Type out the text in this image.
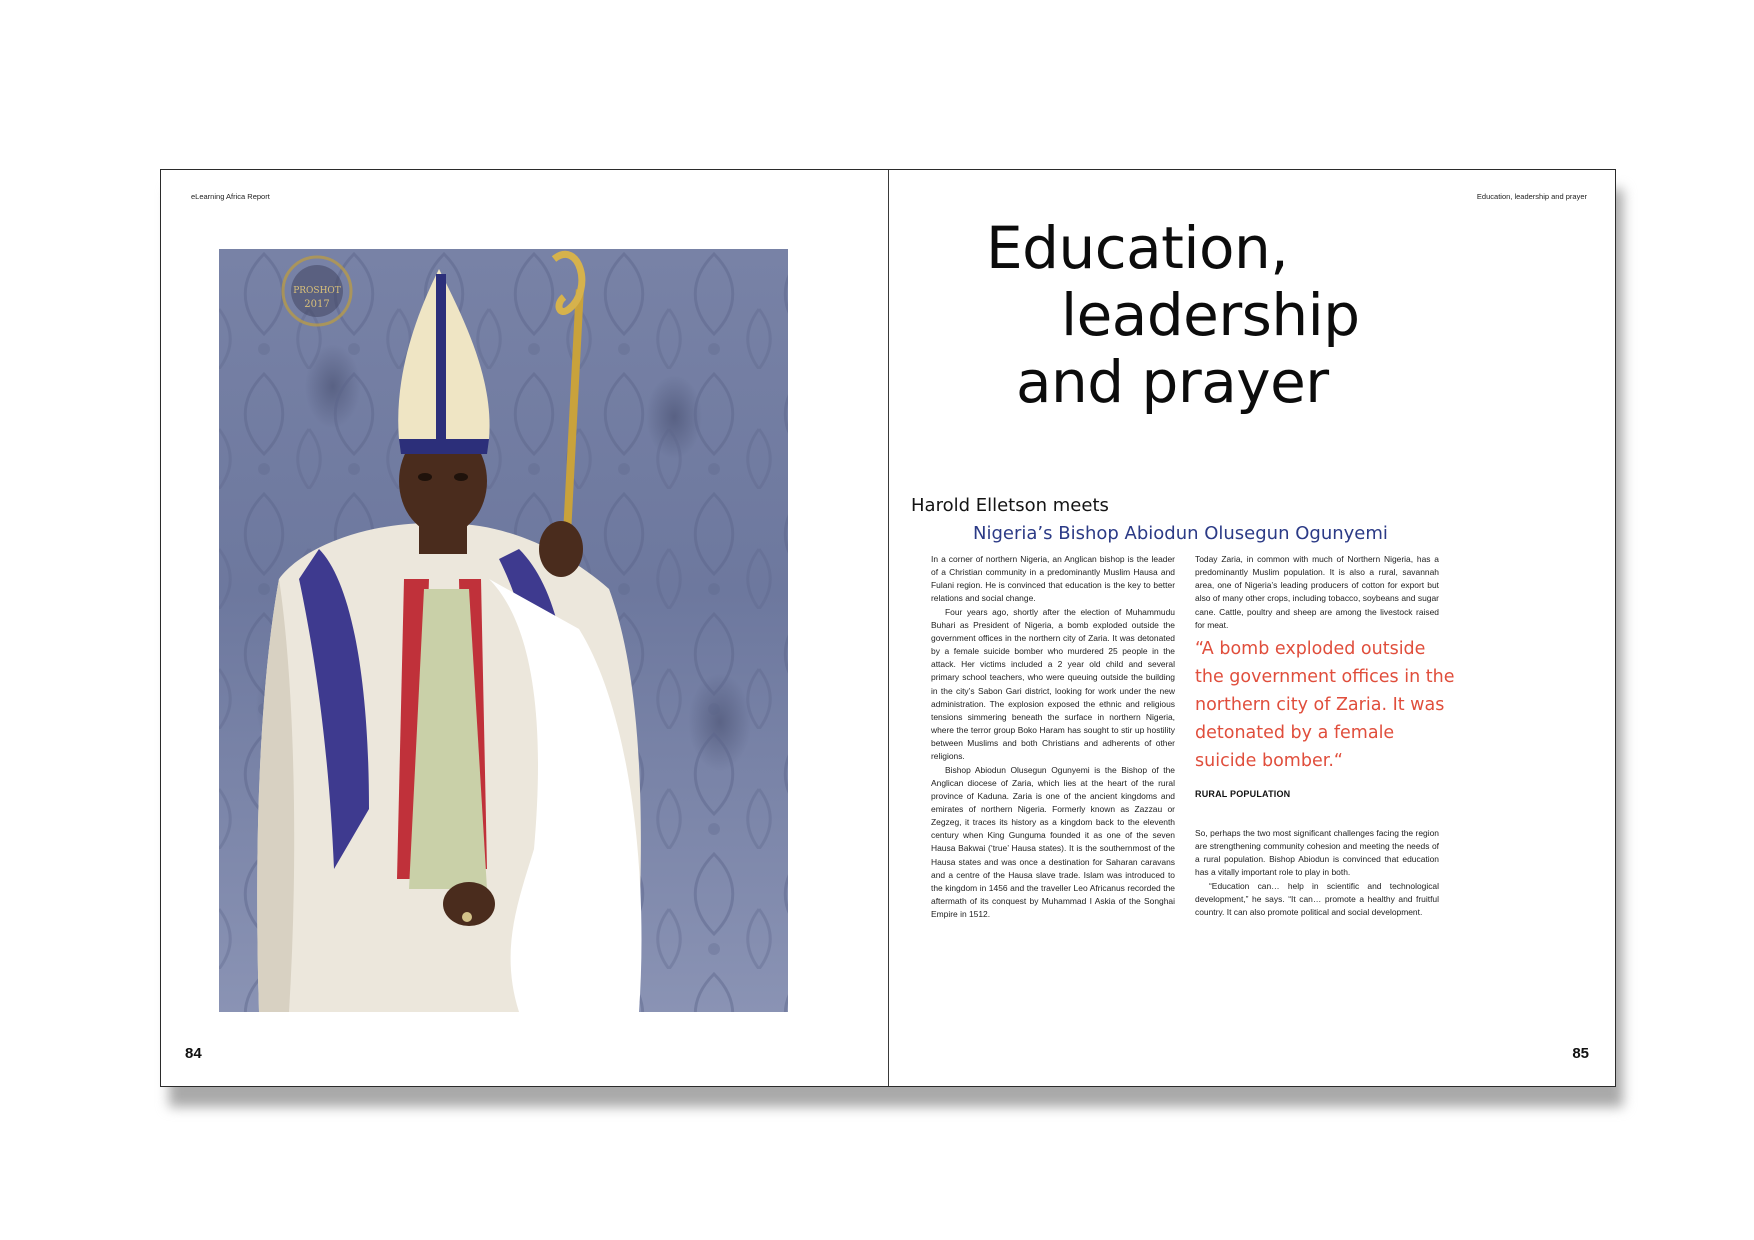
eLearning Africa Report
PROSHOT
2017
84
Education, leadership and prayer
Education,
leadership
and prayer
Harold Elletson meets
Nigeria’s Bishop Abiodun Olusegun Ogunyemi

In a corner of northern Nigeria, an Anglican bishop is the leader of a Christian community in a predominantly Muslim Hausa and Fulani region. He is convinced that education is the key to better relations and social change.

Four years ago, shortly after the election of Muhammudu Buhari as President of Nigeria, a bomb exploded outside the government offices in the northern city of Zaria. It was detonated by a female suicide bomber who murdered 25 people in the attack. Her victims included a 2 year old child and several primary school teachers, who were queuing outside the building in the city’s Sabon Gari district, looking for work under the new administration. The explosion exposed the ethnic and religious tensions simmering beneath the surface in northern Nigeria, where the terror group Boko Haram has sought to stir up hostility between Muslims and both Christians and adherents of other religions.

Bishop Abiodun Olusegun Ogunyemi is the Bishop of the Anglican diocese of Zaria, which lies at the heart of the rural province of Kaduna. Zaria is one of the ancient kingdoms and emirates of northern Nigeria. Formerly known as Zazzau or Zegzeg, it traces its history as a kingdom back to the eleventh century when King Gunguma founded it as one of the seven Hausa Bakwai (‘true’ Hausa states). It is the southernmost of the Hausa states and was once a destination for Saharan caravans and a centre of the Hausa slave trade. Islam was introduced to the kingdom in 1456 and the traveller Leo Africanus recorded the aftermath of its conquest by Muhammad I Askia of the Songhai Empire in 1512.

Today Zaria, in common with much of Northern Nigeria, has a predominantly Muslim population. It is also a rural, savannah area, one of Nigeria’s leading producers of cotton for export but also of many other crops, including tobacco, soybeans and sugar cane. Cattle, poultry and sheep are among the livestock raised for meat.

“A bomb exploded outside the government offices in the northern city of Zaria. It was detonated by a female suicide bomber.“
RURAL POPULATION

So, perhaps the two most significant challenges facing the region are strengthening community cohesion and meeting the needs of a rural population. Bishop Abiodun is convinced that education has a vitally important role to play in both.

“Education can… help in scientific and technological development,” he says. “It can… promote a healthy and fruitful country. It can also promote political and social development.

85
